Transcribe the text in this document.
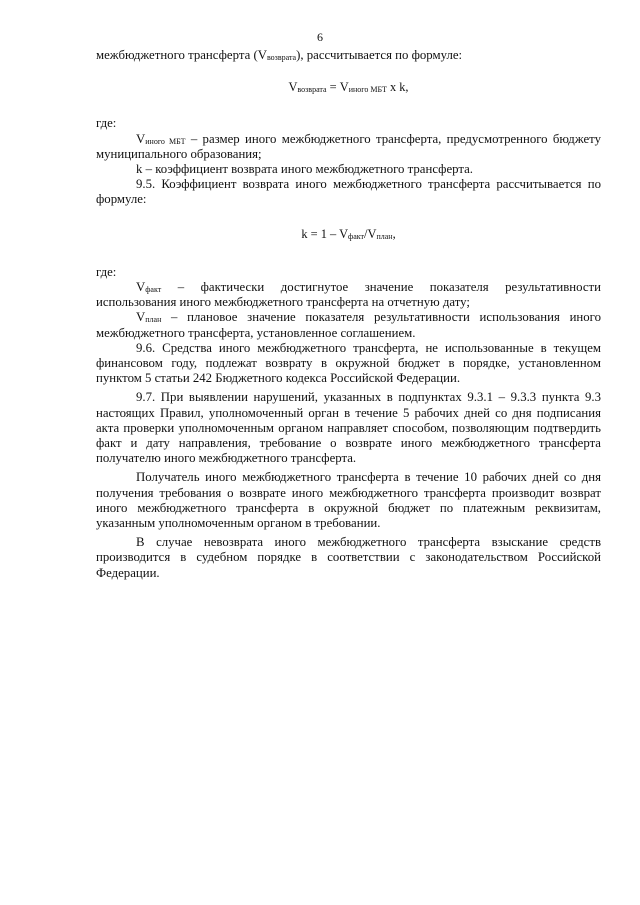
6

межбюджетного трансферта $(V_{возврата})$, рассчитывается по формуле:

$V_{возврата} = V_{иного МБТ}$ x k,

где:

$V_{иного МБТ}$ – размер иного межбюджетного трансферта, предусмотренного бюджету муниципального образования;

k – коэффициент возврата иного межбюджетного трансферта.

9.5. Коэффициент возврата иного межбюджетного трансферта рассчитывается по формуле:

$k = 1 - V_{факт}/V_{план}$,

где:

$V_{факт}$ – фактически достигнутое значение показателя результативности использования иного межбюджетного трансферта на отчетную дату;

$V_{план}$ – плановое значение показателя результативности использования иного межбюджетного трансферта, установленное соглашением.

9.6. Средства иного межбюджетного трансферта, не использованные в текущем финансовом году, подлежат возврату в окружной бюджет в порядке, установленном пунктом 5 статьи 242 Бюджетного кодекса Российской Федерации.

9.7. При выявлении нарушений, указанных в подпунктах 9.3.1 – 9.3.3 пункта 9.3 настоящих Правил, уполномоченный орган в течение 5 рабочих дней со дня подписания акта проверки уполномоченным органом направляет способом, позволяющим подтвердить факт и дату направления, требование о возврате иного межбюджетного трансферта получателю иного межбюджетного трансферта.

Получатель иного межбюджетного трансферта в течение 10 рабочих дней со дня получения требования о возврате иного межбюджетного трансферта производит возврат иного межбюджетного трансферта в окружной бюджет по платежным реквизитам, указанным уполномоченным органом в требовании.

В случае невозврата иного межбюджетного трансферта взыскание средств производится в судебном порядке в соответствии с законодательством Российской Федерации.
